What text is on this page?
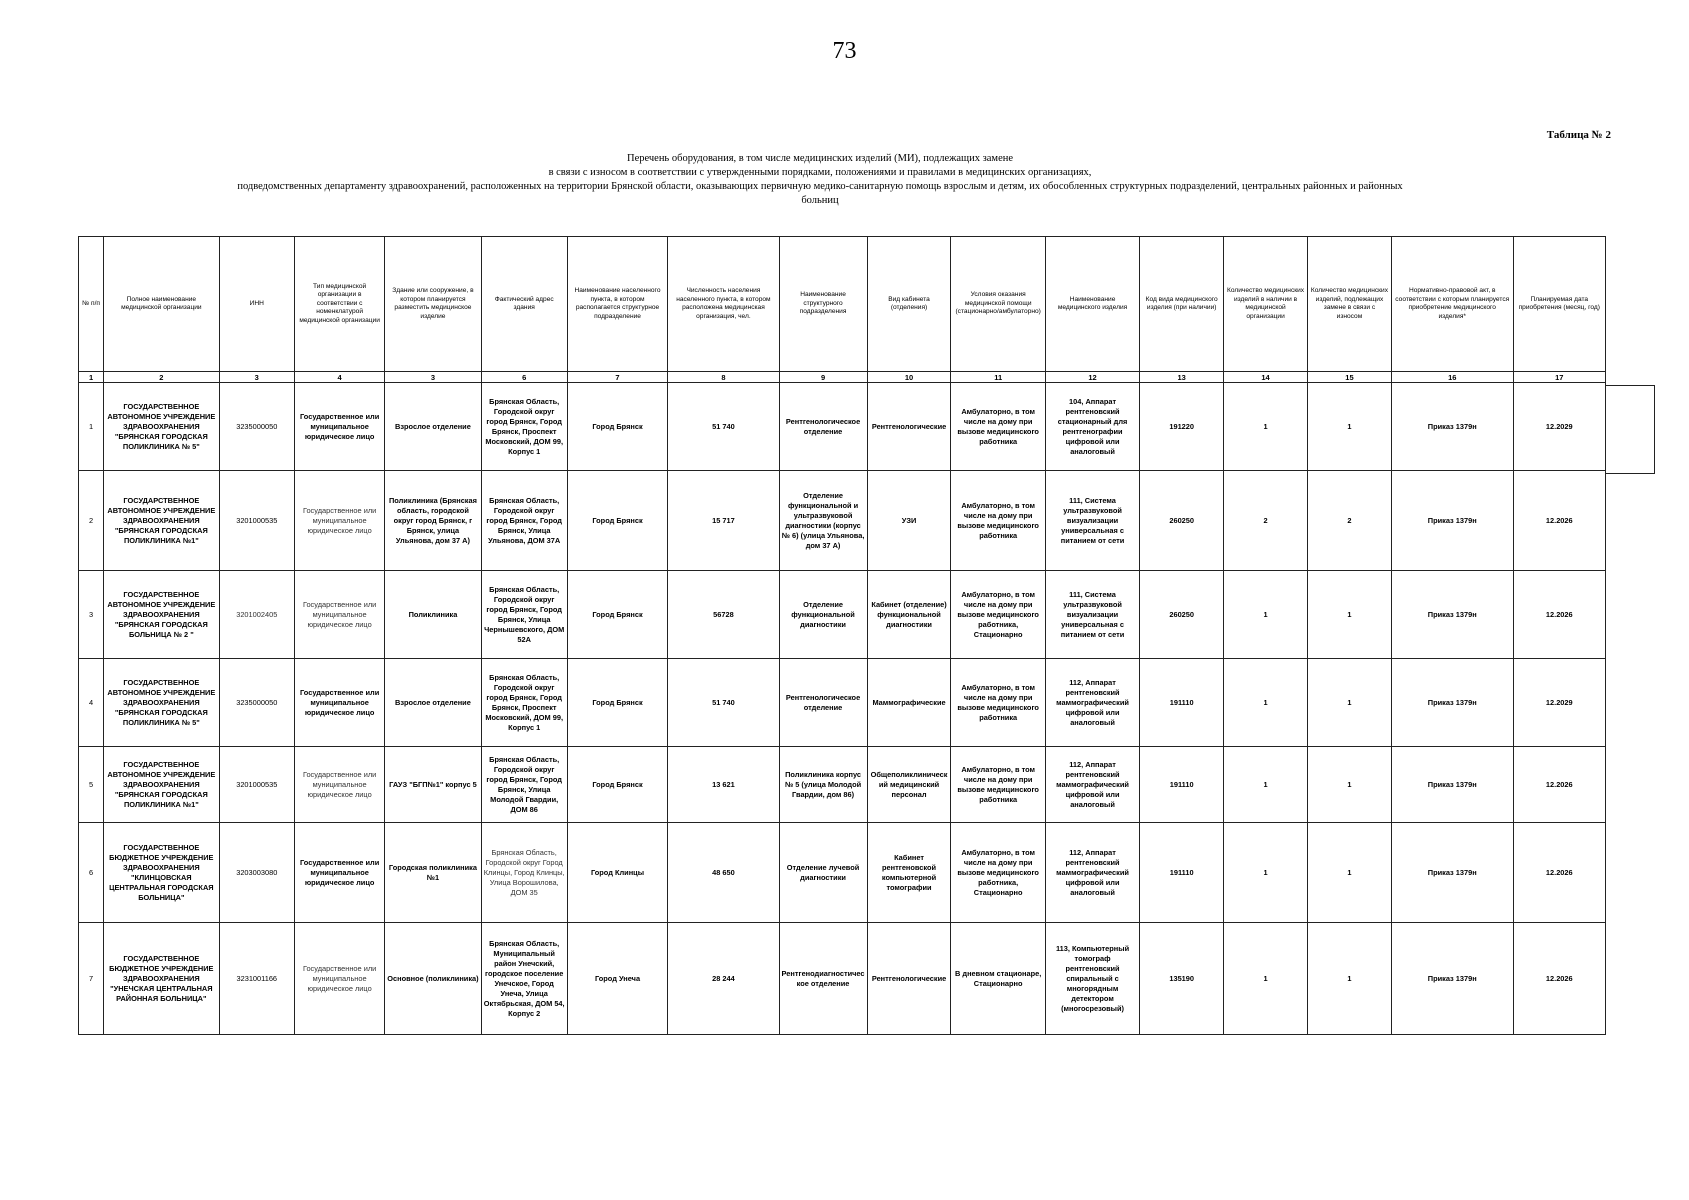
73
Таблица № 2
Перечень оборудования, в том числе медицинских изделий (МИ), подлежащих замене
в связи с износом в соответствии с утвержденными порядками, положениями и правилами в медицинских организациях,
подведомственных департаменту здравоохранений, расположенных на территории Брянской области, оказывающих первичную медико-санитарную помощь взрослым и детям, их обособленных структурных подразделений, центральных районных и районных
больниц
№ п/п	Полное наименование медицинской организации	ИНН	Тип медицинской организации в соответствии с номенклатурой медицинской организации	Здание или сооружение, в котором планируется разместить медицинское изделие	Фактический адрес здания	Наименование населенного пункта, в котором располагается структурное подразделение	Численность населения населенного пункта, в котором расположена медицинская организация, чел.	Наименование структурного подразделения	Вид кабинета (отделения)	Условия оказания медицинской помощи (стационарно/амбулаторно)	Наименование медицинского изделия	Код вида медицинского изделия (при наличии)	Количество медицинских изделий в наличии в медицинской организации	Количество медицинских изделий, подлежащих замене в связи с износом	Нормативно-правовой акт, в соответствии с которым планируется приобретение медицинского изделия*	Планируемая дата приобретения (месяц, год)
1	2	3	4	3	6	7	8	9	10	11	12	13	14	15	16	17
1	ГОСУДАРСТВЕННОЕ АВТОНОМНОЕ УЧРЕЖДЕНИЕ ЗДРАВООХРАНЕНИЯ "БРЯНСКАЯ ГОРОДСКАЯ ПОЛИКЛИНИКА № 5"	3235000050	Государственное или муниципальное юридическое лицо	Взрослое отделение	Брянская Область, Городской округ город Брянск, Город Брянск, Проспект Московский, ДОМ 99, Корпус 1	Город Брянск	51 740	Рентгенологическое отделение	Рентгенологические	Амбулаторно, в том числе на дому при вызове медицинского работника	104, Аппарат рентгеновский стационарный для рентгенографии цифровой или аналоговый	191220	1	1	Приказ 1379н	12.2029
2	ГОСУДАРСТВЕННОЕ АВТОНОМНОЕ УЧРЕЖДЕНИЕ ЗДРАВООХРАНЕНИЯ "БРЯНСКАЯ ГОРОДСКАЯ ПОЛИКЛИНИКА №1"	3201000535	Государственное или муниципальное юридическое лицо	Поликлиника (Брянская область, городской округ город Брянск, г Брянск, улица Ульянова, дом 37 А)	Брянская Область, Городской округ город Брянск, Город Брянск, Улица Ульянова, ДОМ 37А	Город Брянск	15 717	Отделение функциональной и ультразвуковой диагностики (корпус № 6) (улица Ульянова, дом 37 А)	УЗИ	Амбулаторно, в том числе на дому при вызове медицинского работника	111, Система ультразвуковой визуализации универсальная с питанием от сети	260250	2	2	Приказ 1379н	12.2026
3	ГОСУДАРСТВЕННОЕ АВТОНОМНОЕ УЧРЕЖДЕНИЕ ЗДРАВООХРАНЕНИЯ "БРЯНСКАЯ ГОРОДСКАЯ БОЛЬНИЦА № 2 "	3201002405	Государственное или муниципальное юридическое лицо	Поликлиника	Брянская Область, Городской округ город Брянск, Город Брянск, Улица Чернышевского, ДОМ 52А	Город Брянск	56728	Отделение функциональной диагностики	Кабинет (отделение) функциональной диагностики	Амбулаторно, в том числе на дому при вызове медицинского работника, Стационарно	111, Система ультразвуковой визуализации универсальная с питанием от сети	260250	1	1	Приказ 1379н	12.2026
4	ГОСУДАРСТВЕННОЕ АВТОНОМНОЕ УЧРЕЖДЕНИЕ ЗДРАВООХРАНЕНИЯ "БРЯНСКАЯ ГОРОДСКАЯ ПОЛИКЛИНИКА № 5"	3235000050	Государственное или муниципальное юридическое лицо	Взрослое отделение	Брянская Область, Городской округ город Брянск, Город Брянск, Проспект Московский, ДОМ 99, Корпус 1	Город Брянск	51 740	Рентгенологическое отделение	Маммографические	Амбулаторно, в том числе на дому при вызове медицинского работника	112, Аппарат рентгеновский маммографический цифровой или аналоговый	191110	1	1	Приказ 1379н	12.2029
5	ГОСУДАРСТВЕННОЕ АВТОНОМНОЕ УЧРЕЖДЕНИЕ ЗДРАВООХРАНЕНИЯ "БРЯНСКАЯ ГОРОДСКАЯ ПОЛИКЛИНИКА №1"	3201000535	Государственное или муниципальное юридическое лицо	ГАУЗ "БГП№1" корпус 5	Брянская Область, Городской округ город Брянск, Город Брянск, Улица Молодой Гвардии, ДОМ 86	Город Брянск	13 621	Поликлиника корпус № 5 (улица Молодой Гвардии, дом 86)	Общеполиклинический медицинский персонал	Амбулаторно, в том числе на дому при вызове медицинского работника	112, Аппарат рентгеновский маммографический цифровой или аналоговый	191110	1	1	Приказ 1379н	12.2026
6	ГОСУДАРСТВЕННОЕ БЮДЖЕТНОЕ УЧРЕЖДЕНИЕ ЗДРАВООХРАНЕНИЯ "КЛИНЦОВСКАЯ ЦЕНТРАЛЬНАЯ ГОРОДСКАЯ БОЛЬНИЦА"	3203003080	Государственное или муниципальное юридическое лицо	Городская поликлиника №1	Брянская Область, Городской округ Город Клинцы, Город Клинцы, Улица Ворошилова, ДОМ 35	Город Клинцы	48 650	Отделение лучевой диагностики	Кабинет рентгеновской компьютерной томографии	Амбулаторно, в том числе на дому при вызове медицинского работника, Стационарно	112, Аппарат рентгеновский маммографический цифровой или аналоговый	191110	1	1	Приказ 1379н	12.2026
7	ГОСУДАРСТВЕННОЕ БЮДЖЕТНОЕ УЧРЕЖДЕНИЕ ЗДРАВООХРАНЕНИЯ "УНЕЧСКАЯ ЦЕНТРАЛЬНАЯ РАЙОННАЯ БОЛЬНИЦА"	3231001166	Государственное или муниципальное юридическое лицо	Основное (поликлиника)	Брянская Область, Муниципальный район Унечский, городское поселение Унечское, Город Унеча, Улица Октябрьская, ДОМ 54, Корпус 2	Город Унеча	28 244	Рентгенодиагностическое отделение	Рентгенологические	В дневном стационаре, Стационарно	113, Компьютерный томограф рентгеновский спиральный с многорядным детектором (многосрезовый)	135190	1	1	Приказ 1379н	12.2026
